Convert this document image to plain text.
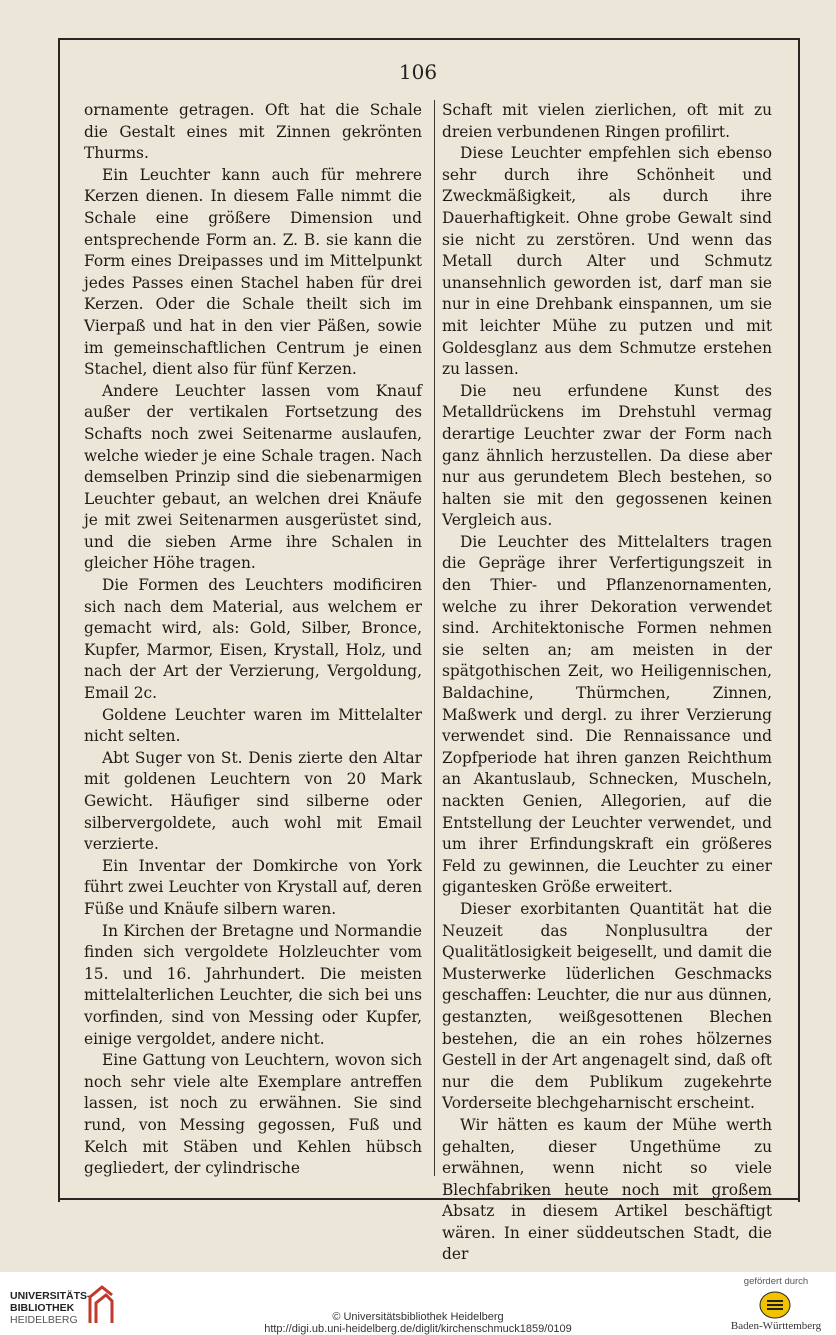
106

ornamente getragen. Oft hat die Schale die Gestalt eines mit Zinnen gekrönten Thurms.

Ein Leuchter kann auch für mehrere Kerzen dienen. In diesem Falle nimmt die Schale eine größere Dimension und entsprechende Form an. Z. B. sie kann die Form eines Dreipasses und im Mittelpunkt jedes Passes einen Stachel haben für drei Kerzen. Oder die Schale theilt sich im Vierpaß und hat in den vier Päßen, sowie im gemeinschaftlichen Centrum je einen Stachel, dient also für fünf Kerzen.

Andere Leuchter lassen vom Knauf außer der vertikalen Fortsetzung des Schafts noch zwei Seitenarme auslaufen, welche wieder je eine Schale tragen. Nach demselben Prinzip sind die siebenarmigen Leuchter gebaut, an welchen drei Knäufe je mit zwei Seitenarmen ausgerüstet sind, und die sieben Arme ihre Schalen in gleicher Höhe tragen.

Die Formen des Leuchters modificiren sich nach dem Material, aus welchem er gemacht wird, als: Gold, Silber, Bronce, Kupfer, Marmor, Eisen, Krystall, Holz, und nach der Art der Verzierung, Vergoldung, Email 2c.

Goldene Leuchter waren im Mittelalter nicht selten.

Abt Suger von St. Denis zierte den Altar mit goldenen Leuchtern von 20 Mark Gewicht. Häufiger sind silberne oder silbervergoldete, auch wohl mit Email verzierte.

Ein Inventar der Domkirche von York führt zwei Leuchter von Krystall auf, deren Füße und Knäufe silbern waren.

In Kirchen der Bretagne und Normandie finden sich vergoldete Holzleuchter vom 15. und 16. Jahrhundert. Die meisten mittelalterlichen Leuchter, die sich bei uns vorfinden, sind von Messing oder Kupfer, einige vergoldet, andere nicht.

Eine Gattung von Leuchtern, wovon sich noch sehr viele alte Exemplare antreffen lassen, ist noch zu erwähnen. Sie sind rund, von Messing gegossen, Fuß und Kelch mit Stäben und Kehlen hübsch gegliedert, der cylindrische

Schaft mit vielen zierlichen, oft mit zu dreien verbundenen Ringen profilirt.

Diese Leuchter empfehlen sich ebenso sehr durch ihre Schönheit und Zweckmäßigkeit, als durch ihre Dauerhaftigkeit. Ohne grobe Gewalt sind sie nicht zu zerstören. Und wenn das Metall durch Alter und Schmutz unansehnlich geworden ist, darf man sie nur in eine Drehbank einspannen, um sie mit leichter Mühe zu putzen und mit Goldesglanz aus dem Schmutze erstehen zu lassen.

Die neu erfundene Kunst des Metalldrückens im Drehstuhl vermag derartige Leuchter zwar der Form nach ganz ähnlich herzustellen. Da diese aber nur aus gerundetem Blech bestehen, so halten sie mit den gegossenen keinen Vergleich aus.

Die Leuchter des Mittelalters tragen die Gepräge ihrer Verfertigungszeit in den Thier- und Pflanzenornamenten, welche zu ihrer Dekoration verwendet sind. Architektonische Formen nehmen sie selten an; am meisten in der spätgothischen Zeit, wo Heiligennischen, Baldachine, Thürmchen, Zinnen, Maßwerk und dergl. zu ihrer Verzierung verwendet sind. Die Rennaissance und Zopfperiode hat ihren ganzen Reichthum an Akantuslaub, Schnecken, Muscheln, nackten Genien, Allegorien, auf die Entstellung der Leuchter verwendet, und um ihrer Erfindungskraft ein größeres Feld zu gewinnen, die Leuchter zu einer gigantesken Größe erweitert.

Dieser exorbitanten Quantität hat die Neuzeit das Nonplusultra der Qualitätlosigkeit beigesellt, und damit die Musterwerke lüderlichen Geschmacks geschaffen: Leuchter, die nur aus dünnen, gestanzten, weißgesottenen Blechen bestehen, die an ein rohes hölzernes Gestell in der Art angenagelt sind, daß oft nur die dem Publikum zugekehrte Vorderseite blechgeharnischt erscheint.

Wir hätten es kaum der Mühe werth gehalten, dieser Ungethüme zu erwähnen, wenn nicht so viele Blechfabriken heute noch mit großem Absatz in diesem Artikel beschäftigt wären. In einer süddeutschen Stadt, die der

UNIVERSITÄTS-
BIBLIOTHEK
HEIDELBERG	© Universitätsbibliothek Heidelberg
http://digi.ub.uni-heidelberg.de/diglit/kirchenschmuck1859/0109
gefördert durch
Baden-Württemberg
